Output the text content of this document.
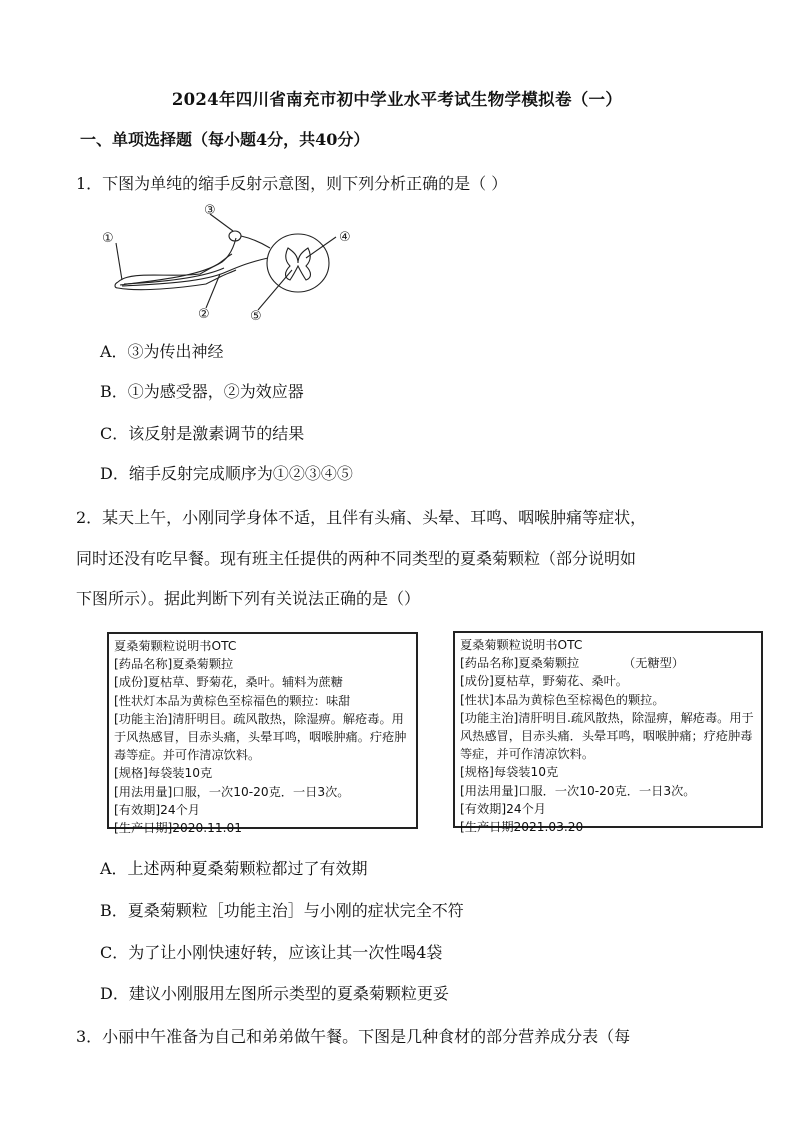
2024年四川省南充市初中学业水平考试生物学模拟卷（一）
一、单项选择题（每小题4分，共40分）
1．下图为单纯的缩手反射示意图，则下列分析正确的是（ ）
①
②
③
④
⑤
A．③为传出神经
B．①为感受器，②为效应器
C．该反射是激素调节的结果
D．缩手反射完成顺序为①②③④⑤
2．某天上午，小刚同学身体不适，且伴有头痛、头晕、耳鸣、咽喉肿痛等症状，
同时还没有吃早餐。现有班主任提供的两种不同类型的夏桑菊颗粒（部分说明如
下图所示）。据此判断下列有关说法正确的是（）
夏桑菊颗粒说明书OTC
[药品名称]夏桑菊颗拉
[成份]夏枯草、野菊花，桑叶。辅料为蔗糖
[性状灯本品为黄棕色至棕福色的颗拉：味甜
[功能主治]清肝明目。疏风散热，除湿痹。解疮毒。用于风热感冒，目赤头痛，头晕耳鸣，咽喉肿痛。疔疮肿毒等症。并可作清凉饮料。
[规格]每袋装10克
[用法用量]口服，一次10-20克．一日3次。
[有效期]24个月
[生产日期]2020.11.01
夏桑菊颗粒说明书OTC
[药品名称]夏桑菊颗拉	（无糖型）
[成份]夏枯草，野菊花、桑叶。
[性状]本品为黄棕色至棕褐色的颗拉。
[功能主治]清肝明目.疏风散热，除湿痹，解疮毒。用于风热感冒，目赤头痛．头晕耳鸣，咽喉肿痛；疗疮肿毒等症，并可作清凉饮料。
[规格]每袋装10克
[用法用量]口服．一次10-20克．一日3次。
[有效期]24个月
[生产日期2021.03.20
A．上述两种夏桑菊颗粒都过了有效期
B．夏桑菊颗粒［功能主治］与小刚的症状完全不符
C．为了让小刚快速好转，应该让其一次性喝4袋
D．建议小刚服用左图所示类型的夏桑菊颗粒更妥
3．小丽中午准备为自己和弟弟做午餐。下图是几种食材的部分营养成分表（每
